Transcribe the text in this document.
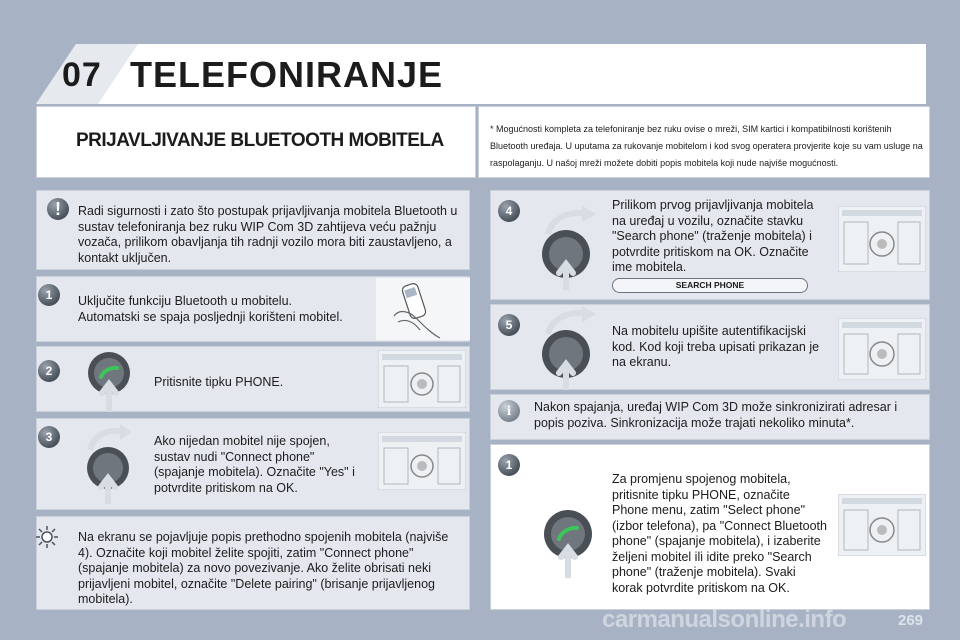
07 TELEFONIRANJE
PRIJAVLJIVANJE BLUETOOTH MOBITELA
* Mogućnosti kompleta za telefoniranje bez ruku ovise o mreži, SIM kartici i kompatibilnosti korištenih Bluetooth uređaja. U uputama za rukovanje mobitelom i kod svog operatera provjerite koje su vam usluge na raspolaganju. U našoj mreži možete dobiti popis mobitela koji nude najviše mogućnosti.
!	Radi sigurnosti i zato što postupak prijavljivanja mobitela Bluetooth u sustav telefoniranja bez ruku WIP Com 3D zahtijeva veću pažnju vozača, prilikom obavljanja tih radnji vozilo mora biti zaustavljeno, a kontakt uključen.
1	Uključite funkciju Bluetooth u mobitelu.
Automatski se spaja posljednji korišteni mobitel.
2
Pritisnite tipku PHONE.
3	Ako nijedan mobitel nije spojen, sustav nudi "Connect phone" (spajanje mobitela). Označite "Yes" i potvrdite pritiskom na OK.
Na ekranu se pojavljuje popis prethodno spojenih mobitela (najviše 4). Označite koji mobitel želite spojiti, zatim "Connect phone" (spajanje mobitela) za novo povezivanje. Ako želite obrisati neki prijavljeni mobitel, označite "Delete pairing" (brisanje prijavljenog mobitela).
4	Prilikom prvog prijavljivanja mobitela na uređaj u vozilu, označite stavku "Search phone" (traženje mobitela) i potvrdite pritiskom na OK. Označite ime mobitela.
SEARCH PHONE
5	Na mobitelu upišite autentifikacijski kod. Kod koji treba upisati prikazan je na ekranu.
i	Nakon spajanja, uređaj WIP Com 3D može sinkronizirati adresar i popis poziva. Sinkronizacija može trajati nekoliko minuta*.
1
Za promjenu spojenog mobitela, pritisnite tipku PHONE, označite Phone menu, zatim "Select phone" (izbor telefona), pa "Connect Bluetooth phone" (spajanje mobitela), i izaberite željeni mobitel ili idite preko "Search phone" (traženje mobitela). Svaki korak potvrdite pritiskom na OK.
carmanualsonline.info	269
